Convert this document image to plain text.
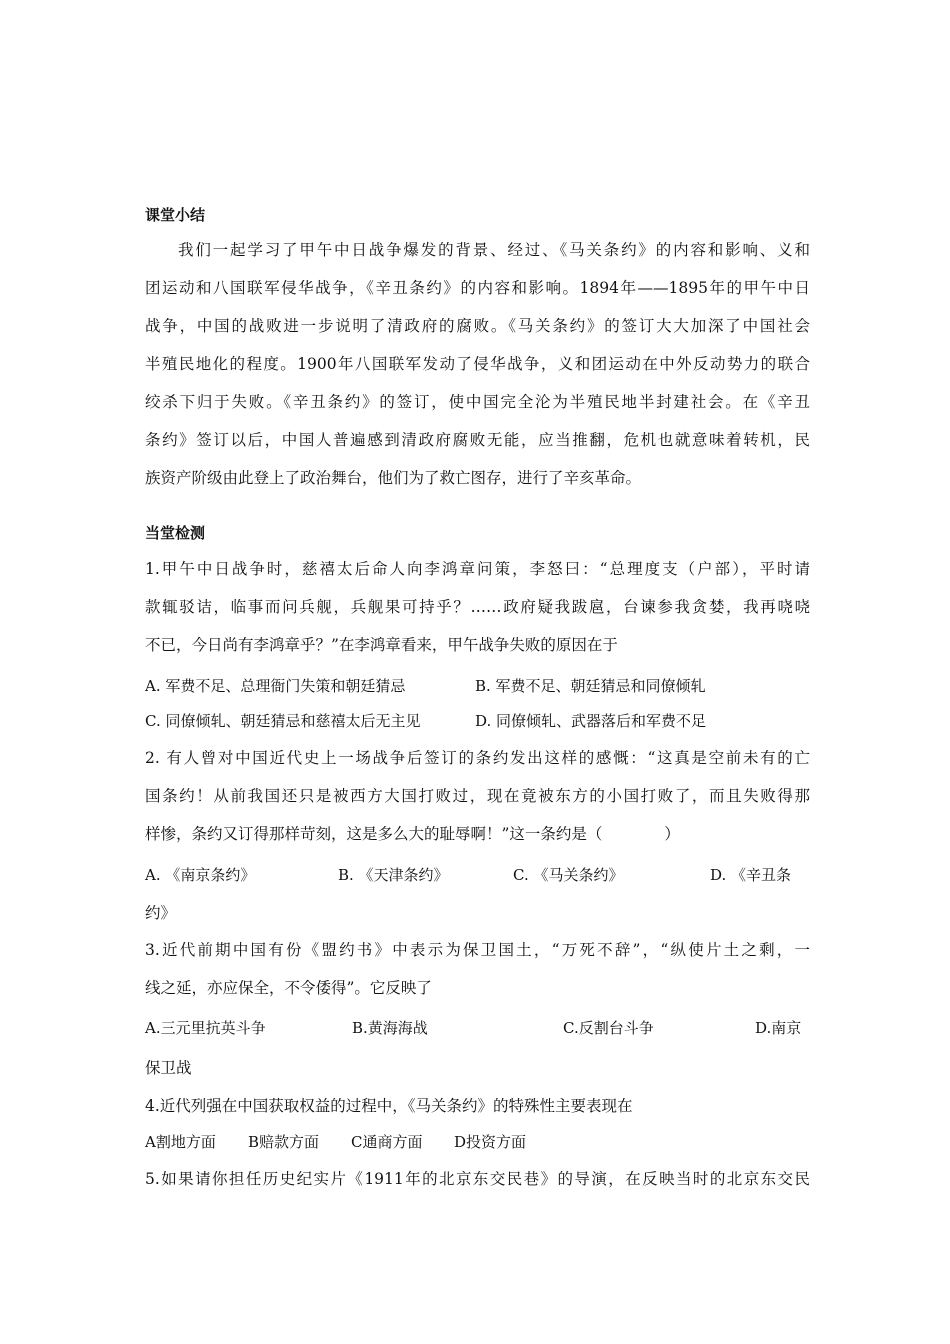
课堂小结
我们一起学习了甲午中日战争爆发的背景、经过、《马关条约》的内容和影响、义和
团运动和八国联军侵华战争，《辛丑条约》的内容和影响。1894年——1895年的甲午中日
战争，中国的战败进一步说明了清政府的腐败。《马关条约》的签订大大加深了中国社会
半殖民地化的程度。1900年八国联军发动了侵华战争，义和团运动在中外反动势力的联合
绞杀下归于失败。《辛丑条约》的签订，使中国完全沦为半殖民地半封建社会。在《辛丑
条约》签订以后，中国人普遍感到清政府腐败无能，应当推翻，危机也就意味着转机，民
族资产阶级由此登上了政治舞台，他们为了救亡图存，进行了辛亥革命。
当堂检测
1.甲午中日战争时，慈禧太后命人向李鸿章问策，李怒曰：“总理度支（户部），平时请
款辄驳诘，临事而问兵舰，兵舰果可持乎？……政府疑我跋扈，台谏参我贪婪，我再哓哓
不已，今日尚有李鸿章乎？”在李鸿章看来，甲午战争失败的原因在于
A. 军费不足、总理衙门失策和朝廷猜忌	B. 军费不足、朝廷猜忌和同僚倾轧
C. 同僚倾轧、朝廷猜忌和慈禧太后无主见	D. 同僚倾轧、武器落后和军费不足
2. 有人曾对中国近代史上一场战争后签订的条约发出这样的感慨：“这真是空前未有的亡
国条约！从前我国还只是被西方大国打败过，现在竟被东方的小国打败了，而且失败得那
样惨，条约又订得那样苛刻，这是多么大的耻辱啊！”这一条约是（　　　　）
A. 《南京条约》	B. 《天津条约》	C. 《马关条约》	D. 《辛丑条
约》
3.近代前期中国有份《盟约书》中表示为保卫国土，“万死不辞”，“纵使片土之剩，一
线之延，亦应保全，不令倭得”。它反映了
A.三元里抗英斗争	B.黄海海战	C.反割台斗争	D.南京
保卫战
4.近代列强在中国获取权益的过程中，《马关条约》的特殊性主要表现在
A割地方面 B赔款方面 C通商方面 D投资方面
5.如果请你担任历史纪实片《1911年的北京东交民巷》的导演，在反映当时的北京东交民
